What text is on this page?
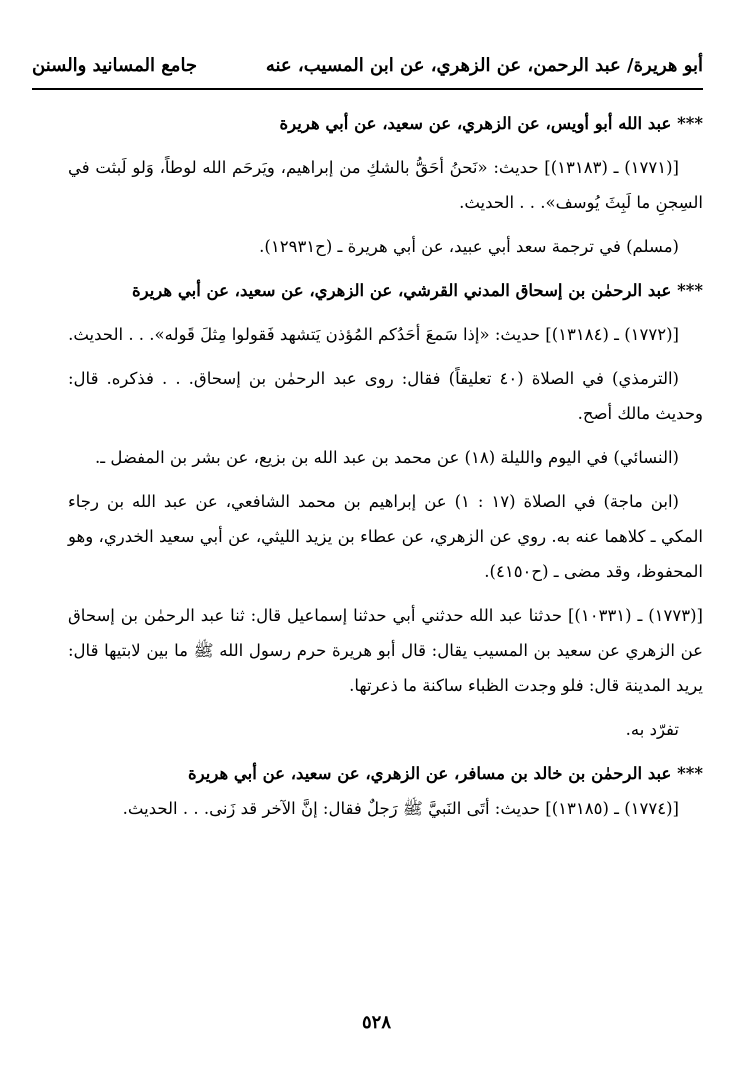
أبو هريرة/ عبد الرحمن، عن الزهري، عن ابن المسيب، عنه
جامع المسانيد والسنن

*** عبد الله أبو أويس، عن الزهري، عن سعيد، عن أبي هريرة

[(١٧٧١) ـ (١٣١٨٣)] حديث: «نَحنُ أحَقُّ بالشكِ من إبراهيم، ويَرحَم الله لوطاً، وَلو لَبثت في السِجنِ ما لَبِثَ يُوسف». . . الحديث.

(مسلم) في ترجمة سعد أبي عبيد، عن أبي هريرة ـ (ح١٢٩٣١).

*** عبد الرحمٰن بن إسحاق المدني القرشي، عن الزهري، عن سعيد، عن أبي هريرة

[(١٧٧٢) ـ (١٣١٨٤)] حديث: «إذا سَمعَ أحَدُكم المُؤذن يَتشهد فَقولوا مِثلَ قَوله». . . الحديث.

(الترمذي) في الصلاة (٤٠ تعليقاً) فقال: روى عبد الرحمٰن بن إسحاق. . . فذكره. قال: وحديث مالك أصح.

(النسائي) في اليوم والليلة (١٨) عن محمد بن عبد الله بن بزيع، عن بشر بن المفضل ـ.

(ابن ماجة) في الصلاة (١٧ : ١) عن إبراهيم بن محمد الشافعي، عن عبد الله بن رجاء المكي ـ كلاهما عنه به. روي عن الزهري، عن عطاء بن يزيد الليثي، عن أبي سعيد الخدري، وهو المحفوظ، وقد مضى ـ (ح٤١٥٠).

[(١٧٧٣) ـ (١٠٣٣١)] حدثنا عبد الله حدثني أبي حدثنا إسماعيل قال: ثنا عبد الرحمٰن بن إسحاق عن الزهري عن سعيد بن المسيب يقال: قال أبو هريرة حرم رسول الله ﷺ ما بين لابتيها قال: يريد المدينة قال: فلو وجدت الظباء ساكنة ما ذعرتها.

تفرّد به.

*** عبد الرحمٰن بن خالد بن مسافر، عن الزهري، عن سعيد، عن أبي هريرة

[(١٧٧٤) ـ (١٣١٨٥)] حديث: أتَى النَبيَّ ﷺ رَجلٌ فقال: إنَّ الآخر قد زَنى. . . الحديث.

٥٢٨
